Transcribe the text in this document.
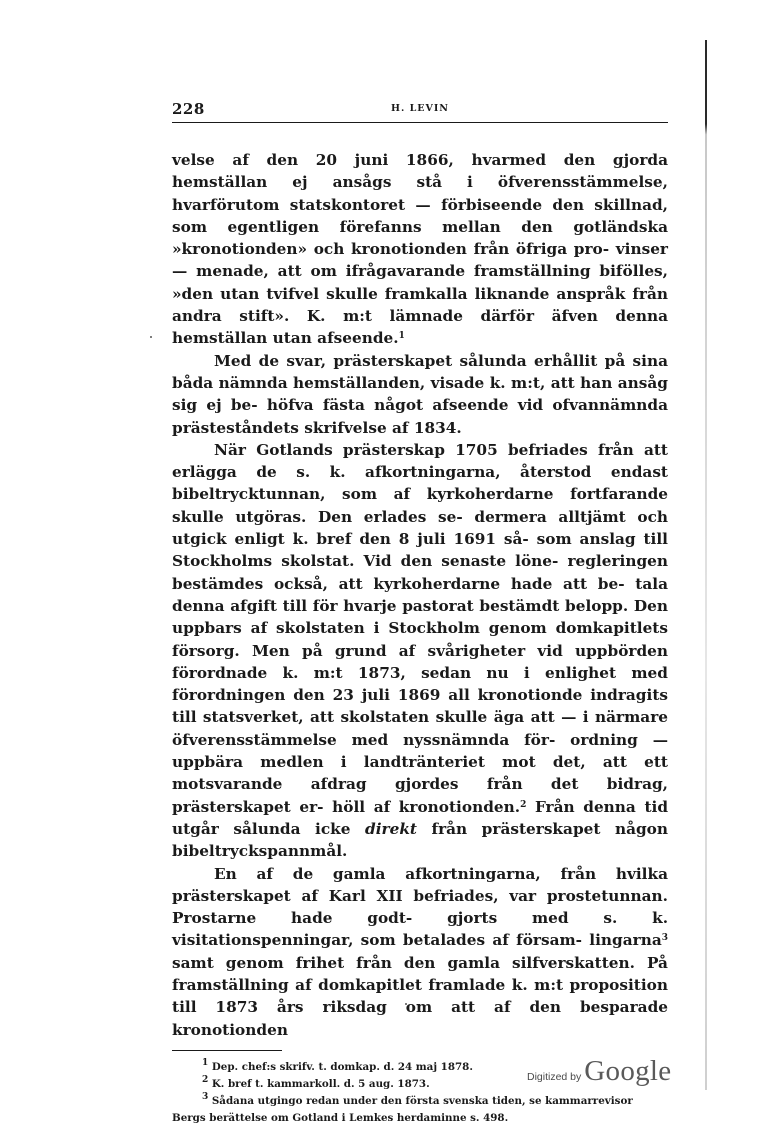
228	H. LEVIN

velse af den 20 juni 1866, hvarmed den gjorda hemställan ej ansågs stå i öfverensstämmelse, hvarförutom statskontoret — förbiseende den skillnad, som egentligen förefanns mellan den gotländska »kronotionden» och kronotionden från öfriga pro- vinser — menade, att om ifrågavarande framställning bifölles, »den utan tvifvel skulle framkalla liknande anspråk från andra stift». K. m:t lämnade därför äfven denna hemställan utan afseende.$^1$

Med de svar, prästerskapet sålunda erhållit på sina båda nämnda hemställanden, visade k. m:t, att han ansåg sig ej be- höfva fästa något afseende vid ofvannämnda prästeståndets skrifvelse af 1834.

När Gotlands prästerskap 1705 befriades från att erlägga de s. k. afkortningarna, återstod endast bibeltrycktunnan, som af kyrkoherdarne fortfarande skulle utgöras. Den erlades se- dermera alltjämt och utgick enligt k. bref den 8 juli 1691 så- som anslag till Stockholms skolstat. Vid den senaste löne- regleringen bestämdes också, att kyrkoherdarne hade att be- tala denna afgift till för hvarje pastorat bestämdt belopp. Den uppbars af skolstaten i Stockholm genom domkapitlets försorg. Men på grund af svårigheter vid uppbörden förordnade k. m:t 1873, sedan nu i enlighet med förordningen den 23 juli 1869 all kronotionde indragits till statsverket, att skolstaten skulle äga att — i närmare öfverensstämmelse med nyssnämnda för- ordning — uppbära medlen i landtränteriet mot det, att ett motsvarande afdrag gjordes från det bidrag, prästerskapet er- höll af kronotionden.$^2$ Från denna tid utgår sålunda icke direkt från prästerskapet någon bibeltryckspannmål.

En af de gamla afkortningarna, från hvilka prästerskapet af Karl XII befriades, var prostetunnan. Prostarne hade godt- gjorts med s. k. visitationspenningar, som betalades af försam- lingarna$^3$ samt genom frihet från den gamla silfverskatten. På framställning af domkapitlet framlade k. m:t proposition till 1873 års riksdag om att af den besparade kronotionden

$^1$ Dep. chef:s skrifv. t. domkap. d. 24 maj 1878.

$^2$ K. bref t. kammarkoll. d. 5 aug. 1873.

$^3$ Sådana utgingo redan under den första svenska tiden, se kammarrevisor

Bergs berättelse om Gotland i Lemkes herdaminne s. 498.

Digitized by Google
